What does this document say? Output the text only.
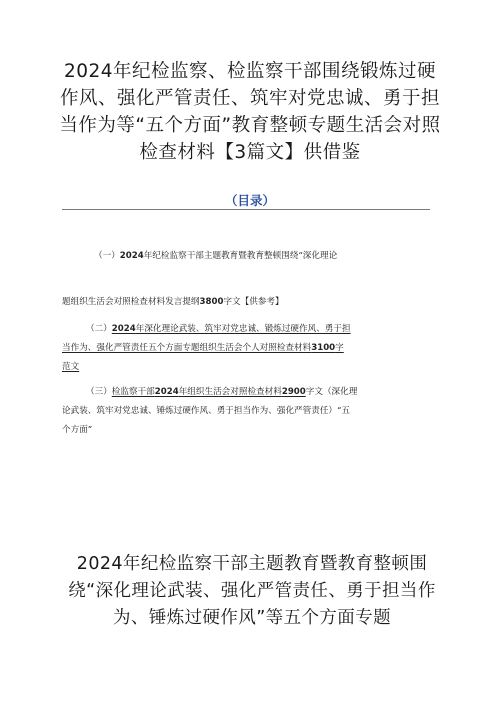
2024年纪检监察、检监察干部围绕锻炼过硬作风、强化严管责任、筑牢对党忠诚、勇于担当作为等“五个方面”教育整顿专题生活会对照检查材料【3篇文】供借鉴
（目录）
（一）2024年纪检监察干部主题教育暨教育整顿围绕“深化理论
题组织生活会对照检查材料发言提纲3800字文【供参考】
（二）2024年深化理论武装、筑牢对党忠诚、锻炼过硬作风、勇于担
当作为、强化严管责任五个方面专题组织生活会个人对照检查材料3100字
范文
（三）检监察干部2024年组织生活会对照检查材料2900字文（深化理
论武装、筑牢对党忠诚、锤炼过硬作风、勇于担当作为、强化严管责任）“五
个方面”
2024年纪检监察干部主题教育暨教育整顿围绕“深化理论武装、强化严管责任、勇于担当作为、锤炼过硬作风”等五个方面专题
